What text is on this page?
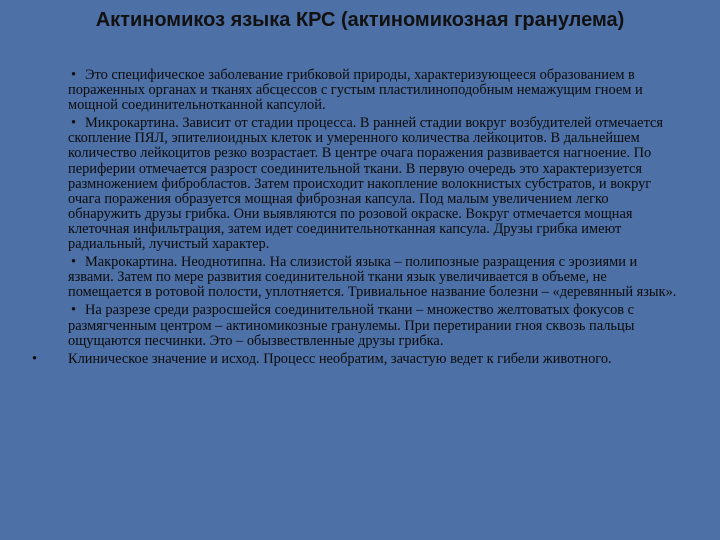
Актиномикоз языка КРС (актиномикозная гранулема)

• Это специфическое заболевание грибковой природы, характеризующееся образованием в пораженных органах и тканях абсцессов с густым пластилиноподобным немажущим гноем и мощной соединительнотканной капсулой.

• Микрокартина. Зависит от стадии процесса. В ранней стадии вокруг возбудителей отмечается скопление ПЯЛ, эпителиоидных клеток и умеренного количества лейкоцитов. В дальнейшем количество лейкоцитов резко возрастает. В центре очага поражения развивается нагноение. По периферии отмечается разрост соединительной ткани. В первую очередь это характеризуется размножением фибробластов. Затем происходит накопление волокнистых субстратов, и вокруг очага поражения образуется мощная фиброзная капсула. Под малым увеличением легко обнаружить друзы грибка. Они выявляются по розовой окраске. Вокруг отмечается мощная клеточная инфильтрация, затем идет соединительнотканная капсула. Друзы грибка имеют радиальный, лучистый характер.

• Макрокартина. Неоднотипна. На слизистой языка – полипозные разращения с эрозиями и язвами. Затем по мере развития соединительной ткани язык увеличивается в объеме, не помещается в ротовой полости, уплотняется. Тривиальное название болезни – «деревянный язык».

• На разрезе среди разросшейся соединительной ткани – множество желтоватых фокусов с размягченным центром – актиномикозные гранулемы. При перетирании гноя сквозь пальцы ощущаются песчинки. Это – обызвествленные друзы грибка.

• Клиническое значение и исход. Процесс необратим, зачастую ведет к гибели животного.
